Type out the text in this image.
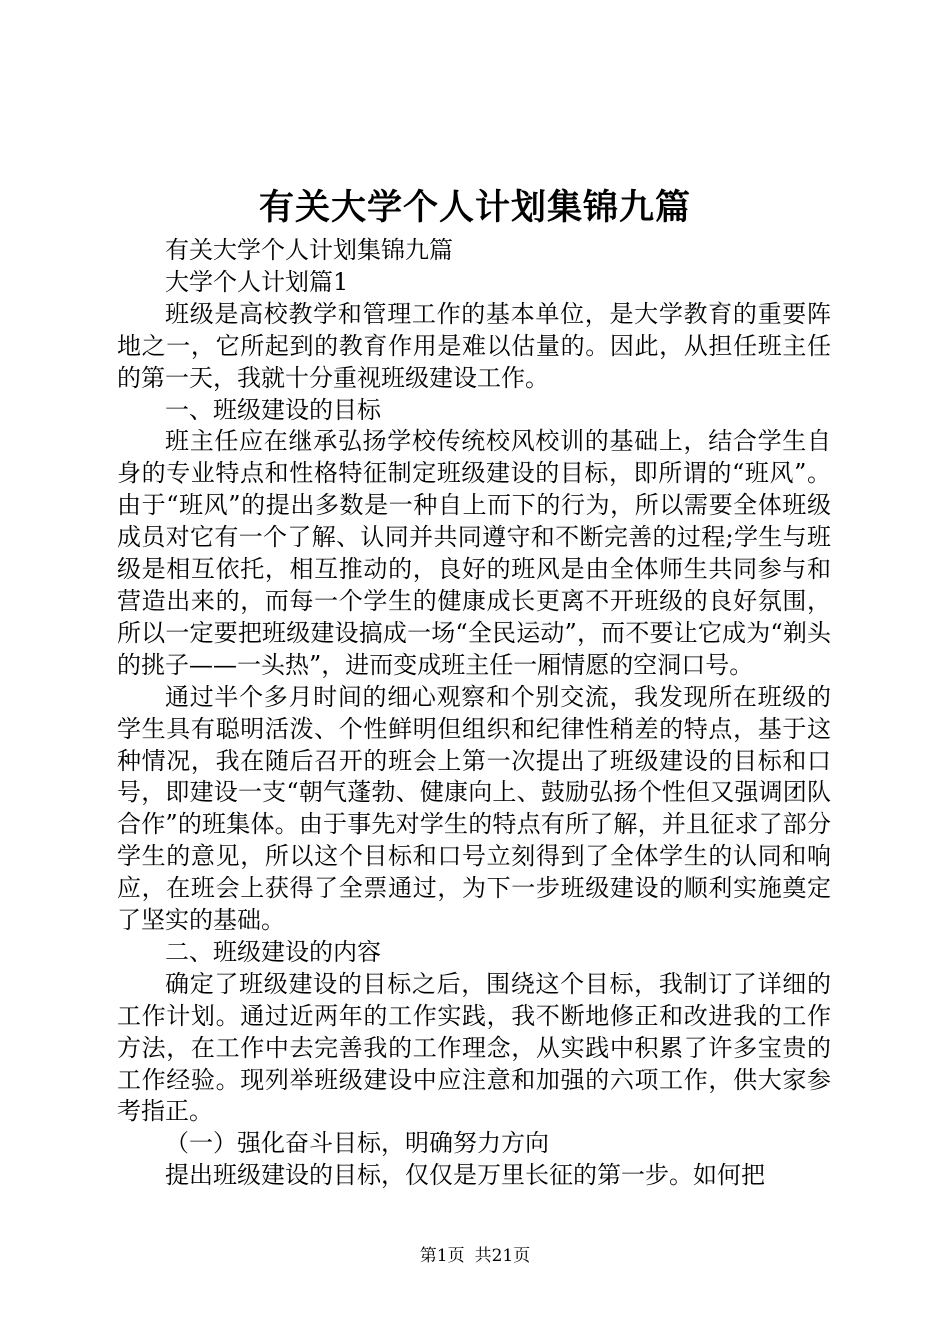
有关大学个人计划集锦九篇

有关大学个人计划集锦九篇

大学个人计划篇1

班级是高校教学和管理工作的基本单位，是大学教育的重要阵地之一，它所起到的教育作用是难以估量的。因此，从担任班主任的第一天，我就十分重视班级建设工作。

一、班级建设的目标

班主任应在继承弘扬学校传统校风校训的基础上，结合学生自身的专业特点和性格特征制定班级建设的目标，即所谓的“班风”。由于“班风”的提出多数是一种自上而下的行为，所以需要全体班级成员对它有一个了解、认同并共同遵守和不断完善的过程;学生与班级是相互依托，相互推动的，良好的班风是由全体师生共同参与和营造出来的，而每一个学生的健康成长更离不开班级的良好氛围，所以一定要把班级建设搞成一场“全民运动”，而不要让它成为“剃头的挑子——一头热”，进而变成班主任一厢情愿的空洞口号。

通过半个多月时间的细心观察和个别交流，我发现所在班级的学生具有聪明活泼、个性鲜明但组织和纪律性稍差的特点，基于这种情况，我在随后召开的班会上第一次提出了班级建设的目标和口号，即建设一支“朝气蓬勃、健康向上、鼓励弘扬个性但又强调团队合作”的班集体。由于事先对学生的特点有所了解，并且征求了部分学生的意见，所以这个目标和口号立刻得到了全体学生的认同和响应，在班会上获得了全票通过，为下一步班级建设的顺利实施奠定了坚实的基础。

二、班级建设的内容

确定了班级建设的目标之后，围绕这个目标，我制订了详细的工作计划。通过近两年的工作实践，我不断地修正和改进我的工作方法，在工作中去完善我的工作理念，从实践中积累了许多宝贵的工作经验。现列举班级建设中应注意和加强的六项工作，供大家参考指正。

（一）强化奋斗目标，明确努力方向

提出班级建设的目标，仅仅是万里长征的第一步。如何把

第1页 共21页
